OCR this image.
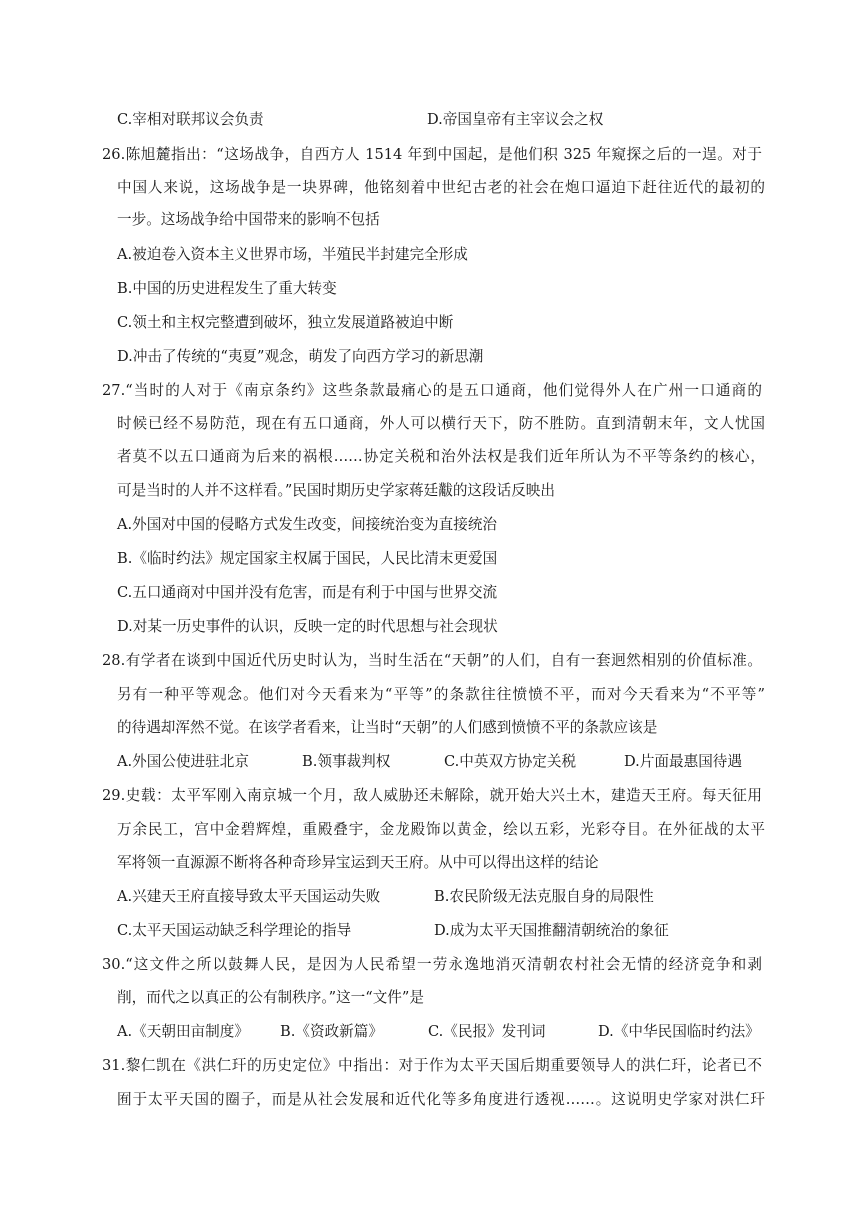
C.宰相对联邦议会负责	D.帝国皇帝有主宰议会之权
26.陈旭麓指出：“这场战争，自西方人 1514 年到中国起，是他们积 325 年窥探之后的一逞。对于
中国人来说，这场战争是一块界碑，他铭刻着中世纪古老的社会在炮口逼迫下赶往近代的最初的
一步。这场战争给中国带来的影响不包括
A.被迫卷入资本主义世界市场，半殖民半封建完全形成
B.中国的历史进程发生了重大转变
C.领土和主权完整遭到破坏，独立发展道路被迫中断
D.冲击了传统的“夷夏”观念，萌发了向西方学习的新思潮
27.“当时的人对于《南京条约》这些条款最痛心的是五口通商，他们觉得外人在广州一口通商的
时候已经不易防范，现在有五口通商，外人可以横行天下，防不胜防。直到清朝末年，文人忧国
者莫不以五口通商为后来的祸根……协定关税和治外法权是我们近年所认为不平等条约的核心，
可是当时的人并不这样看。”民国时期历史学家蒋廷黻的这段话反映出
A.外国对中国的侵略方式发生改变，间接统治变为直接统治
B.《临时约法》规定国家主权属于国民，人民比清末更爱国
C.五口通商对中国并没有危害，而是有利于中国与世界交流
D.对某一历史事件的认识，反映一定的时代思想与社会现状
28.有学者在谈到中国近代历史时认为，当时生活在“天朝”的人们，自有一套迥然相别的价值标准。
另有一种平等观念。他们对今天看来为“平等”的条款往往愤愤不平，而对今天看来为“不平等”
的待遇却浑然不觉。在该学者看来，让当时“天朝”的人们感到愤愤不平的条款应该是
A.外国公使进驻北京	B.领事裁判权	C.中英双方协定关税	D.片面最惠国待遇
29.史载：太平军刚入南京城一个月，敌人威胁还未解除，就开始大兴土木，建造天王府。每天征用
万余民工，宫中金碧辉煌，重殿叠宇，金龙殿饰以黄金，绘以五彩，光彩夺目。在外征战的太平
军将领一直源源不断将各种奇珍异宝运到天王府。从中可以得出这样的结论
A.兴建天王府直接导致太平天国运动失败	B.农民阶级无法克服自身的局限性
C.太平天国运动缺乏科学理论的指导	D.成为太平天国推翻清朝统治的象征
30.“这文件之所以鼓舞人民，是因为人民希望一劳永逸地消灭清朝农村社会无情的经济竞争和剥
削，而代之以真正的公有制秩序。”这一“文件”是
A.《天朝田亩制度》 B.《资政新篇》	C.《民报》发刊词	D.《中华民国临时约法》
31.黎仁凯在《洪仁玕的历史定位》中指出：对于作为太平天国后期重要领导人的洪仁玕，论者已不
囿于太平天国的圈子，而是从社会发展和近代化等多角度进行透视……。这说明史学家对洪仁玕
